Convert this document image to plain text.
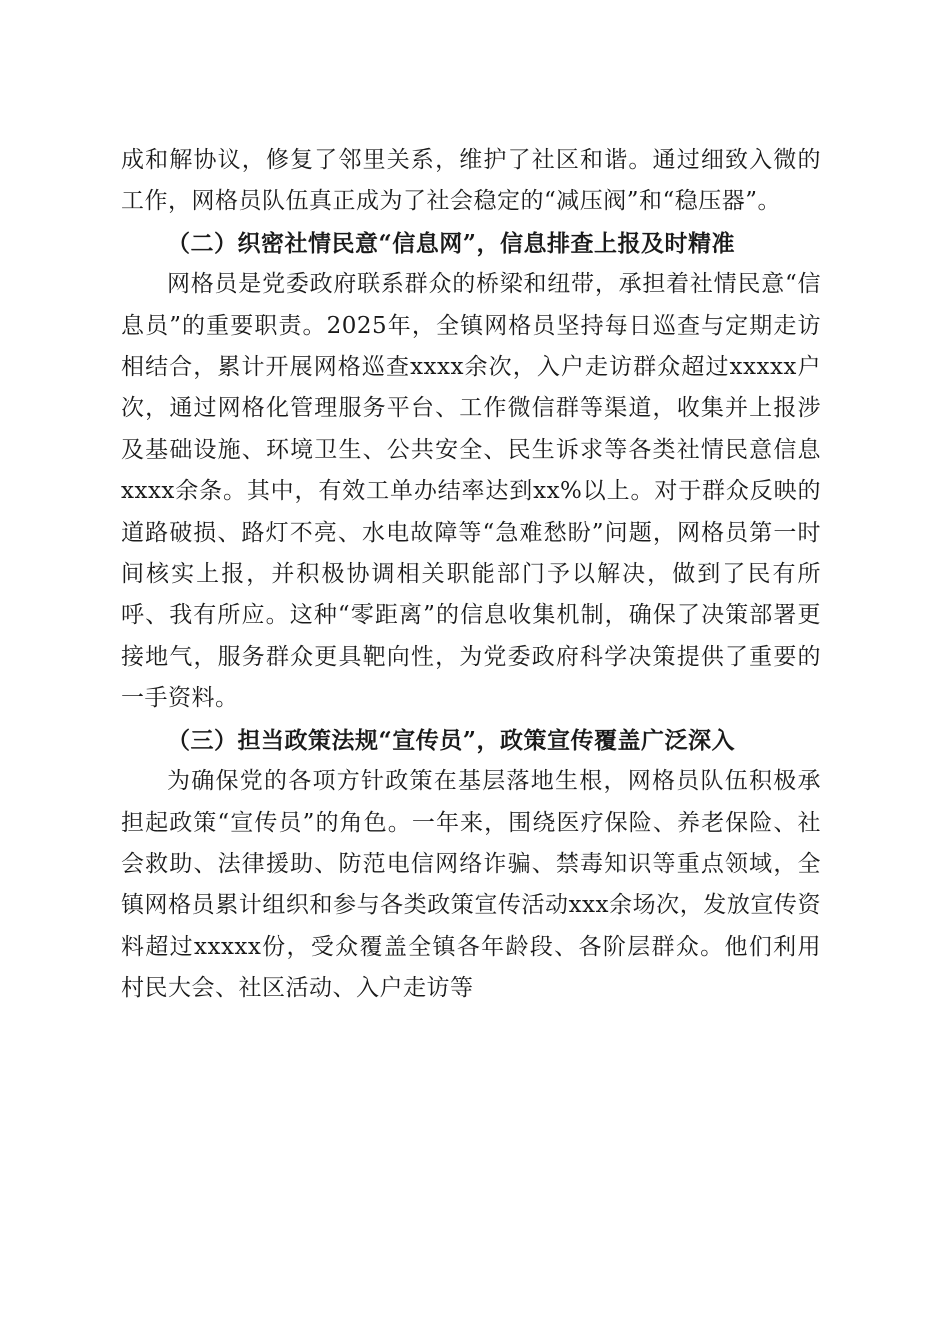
成和解协议，修复了邻里关系，维护了社区和谐。通过细致入微的工作，网格员队伍真正成为了社会稳定的“减压阀”和“稳压器”。

（二）织密社情民意“信息网”，信息排查上报及时精准

网格员是党委政府联系群众的桥梁和纽带，承担着社情民意“信息员”的重要职责。2025年，全镇网格员坚持每日巡查与定期走访相结合，累计开展网格巡查xxxx余次，入户走访群众超过xxxxx户次，通过网格化管理服务平台、工作微信群等渠道，收集并上报涉及基础设施、环境卫生、公共安全、民生诉求等各类社情民意信息xxxx余条。其中，有效工单办结率达到xx%以上。对于群众反映的道路破损、路灯不亮、水电故障等“急难愁盼”问题，网格员第一时间核实上报，并积极协调相关职能部门予以解决，做到了民有所呼、我有所应。这种“零距离”的信息收集机制，确保了决策部署更接地气，服务群众更具靶向性，为党委政府科学决策提供了重要的一手资料。

（三）担当政策法规“宣传员”，政策宣传覆盖广泛深入

为确保党的各项方针政策在基层落地生根，网格员队伍积极承担起政策“宣传员”的角色。一年来，围绕医疗保险、养老保险、社会救助、法律援助、防范电信网络诈骗、禁毒知识等重点领域，全镇网格员累计组织和参与各类政策宣传活动xxx余场次，发放宣传资料超过xxxxx份，受众覆盖全镇各年龄段、各阶层群众。他们利用村民大会、社区活动、入户走访等
